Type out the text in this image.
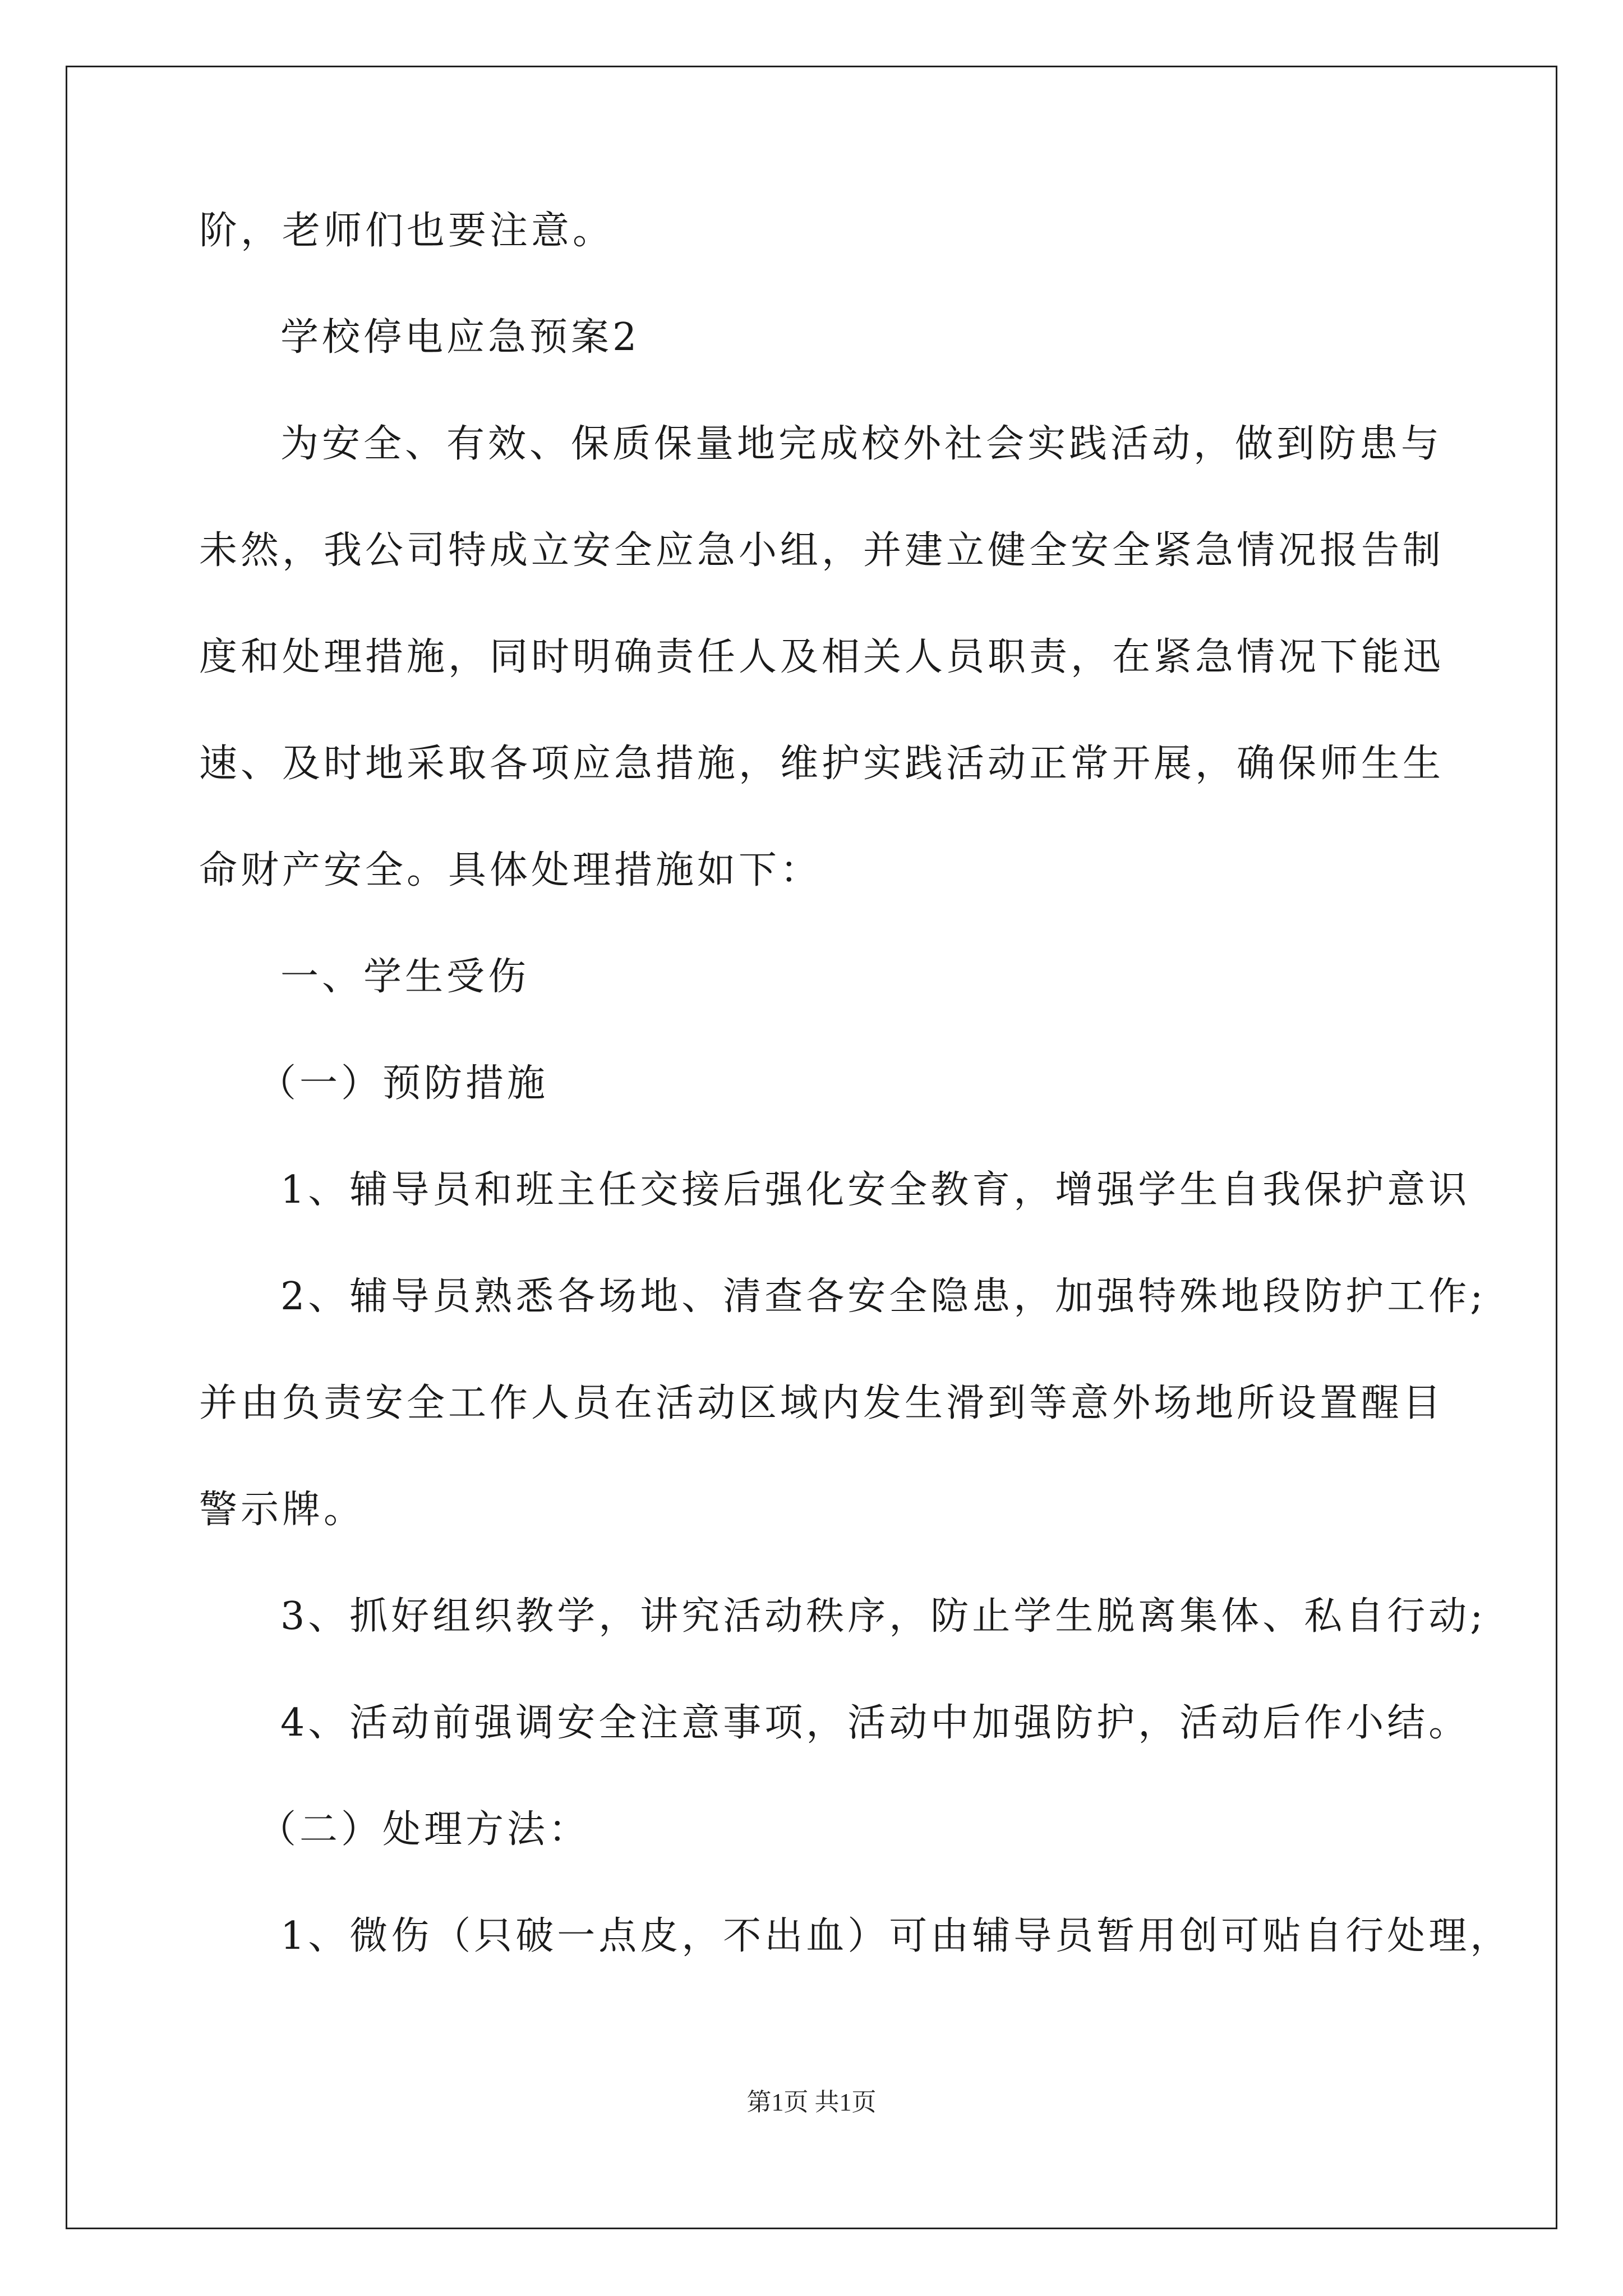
阶，老师们也要注意。
学校停电应急预案2
为安全、有效、保质保量地完成校外社会实践活动，做到防患与
未然，我公司特成立安全应急小组，并建立健全安全紧急情况报告制
度和处理措施，同时明确责任人及相关人员职责，在紧急情况下能迅
速、及时地采取各项应急措施，维护实践活动正常开展，确保师生生
命财产安全。具体处理措施如下：
一、学生受伤
（一）预防措施
1、辅导员和班主任交接后强化安全教育，增强学生自我保护意识
2、辅导员熟悉各场地、清查各安全隐患，加强特殊地段防护工作;
并由负责安全工作人员在活动区域内发生滑到等意外场地所设置醒目
警示牌。
3、抓好组织教学，讲究活动秩序，防止学生脱离集体、私自行动;
4、活动前强调安全注意事项，活动中加强防护，活动后作小结。
（二）处理方法：
1、微伤（只破一点皮，不出血）可由辅导员暂用创可贴自行处理，
第1页 共1页
